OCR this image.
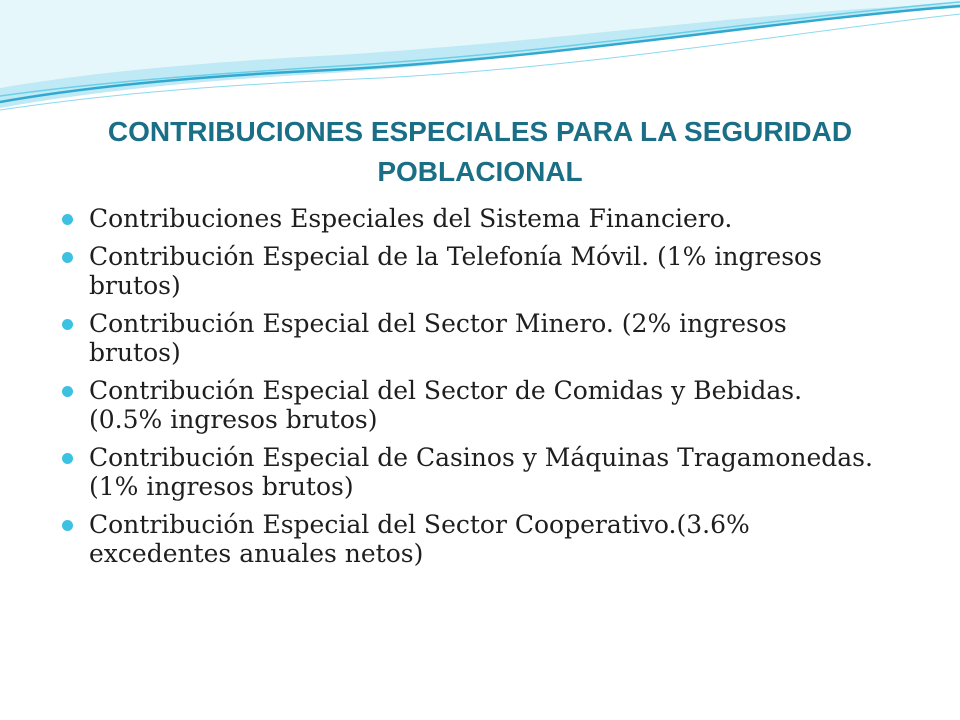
CONTRIBUCIONES ESPECIALES PARA LA SEGURIDAD POBLACIONAL
Contribuciones Especiales del Sistema Financiero.
Contribución Especial de la Telefonía Móvil. (1% ingresos brutos)
Contribución Especial del Sector Minero. (2% ingresos brutos)
Contribución Especial del Sector de Comidas y Bebidas. (0.5% ingresos brutos)
Contribución Especial de Casinos y Máquinas Tragamonedas. (1% ingresos brutos)
Contribución Especial del Sector Cooperativo.(3.6% excedentes anuales netos)
